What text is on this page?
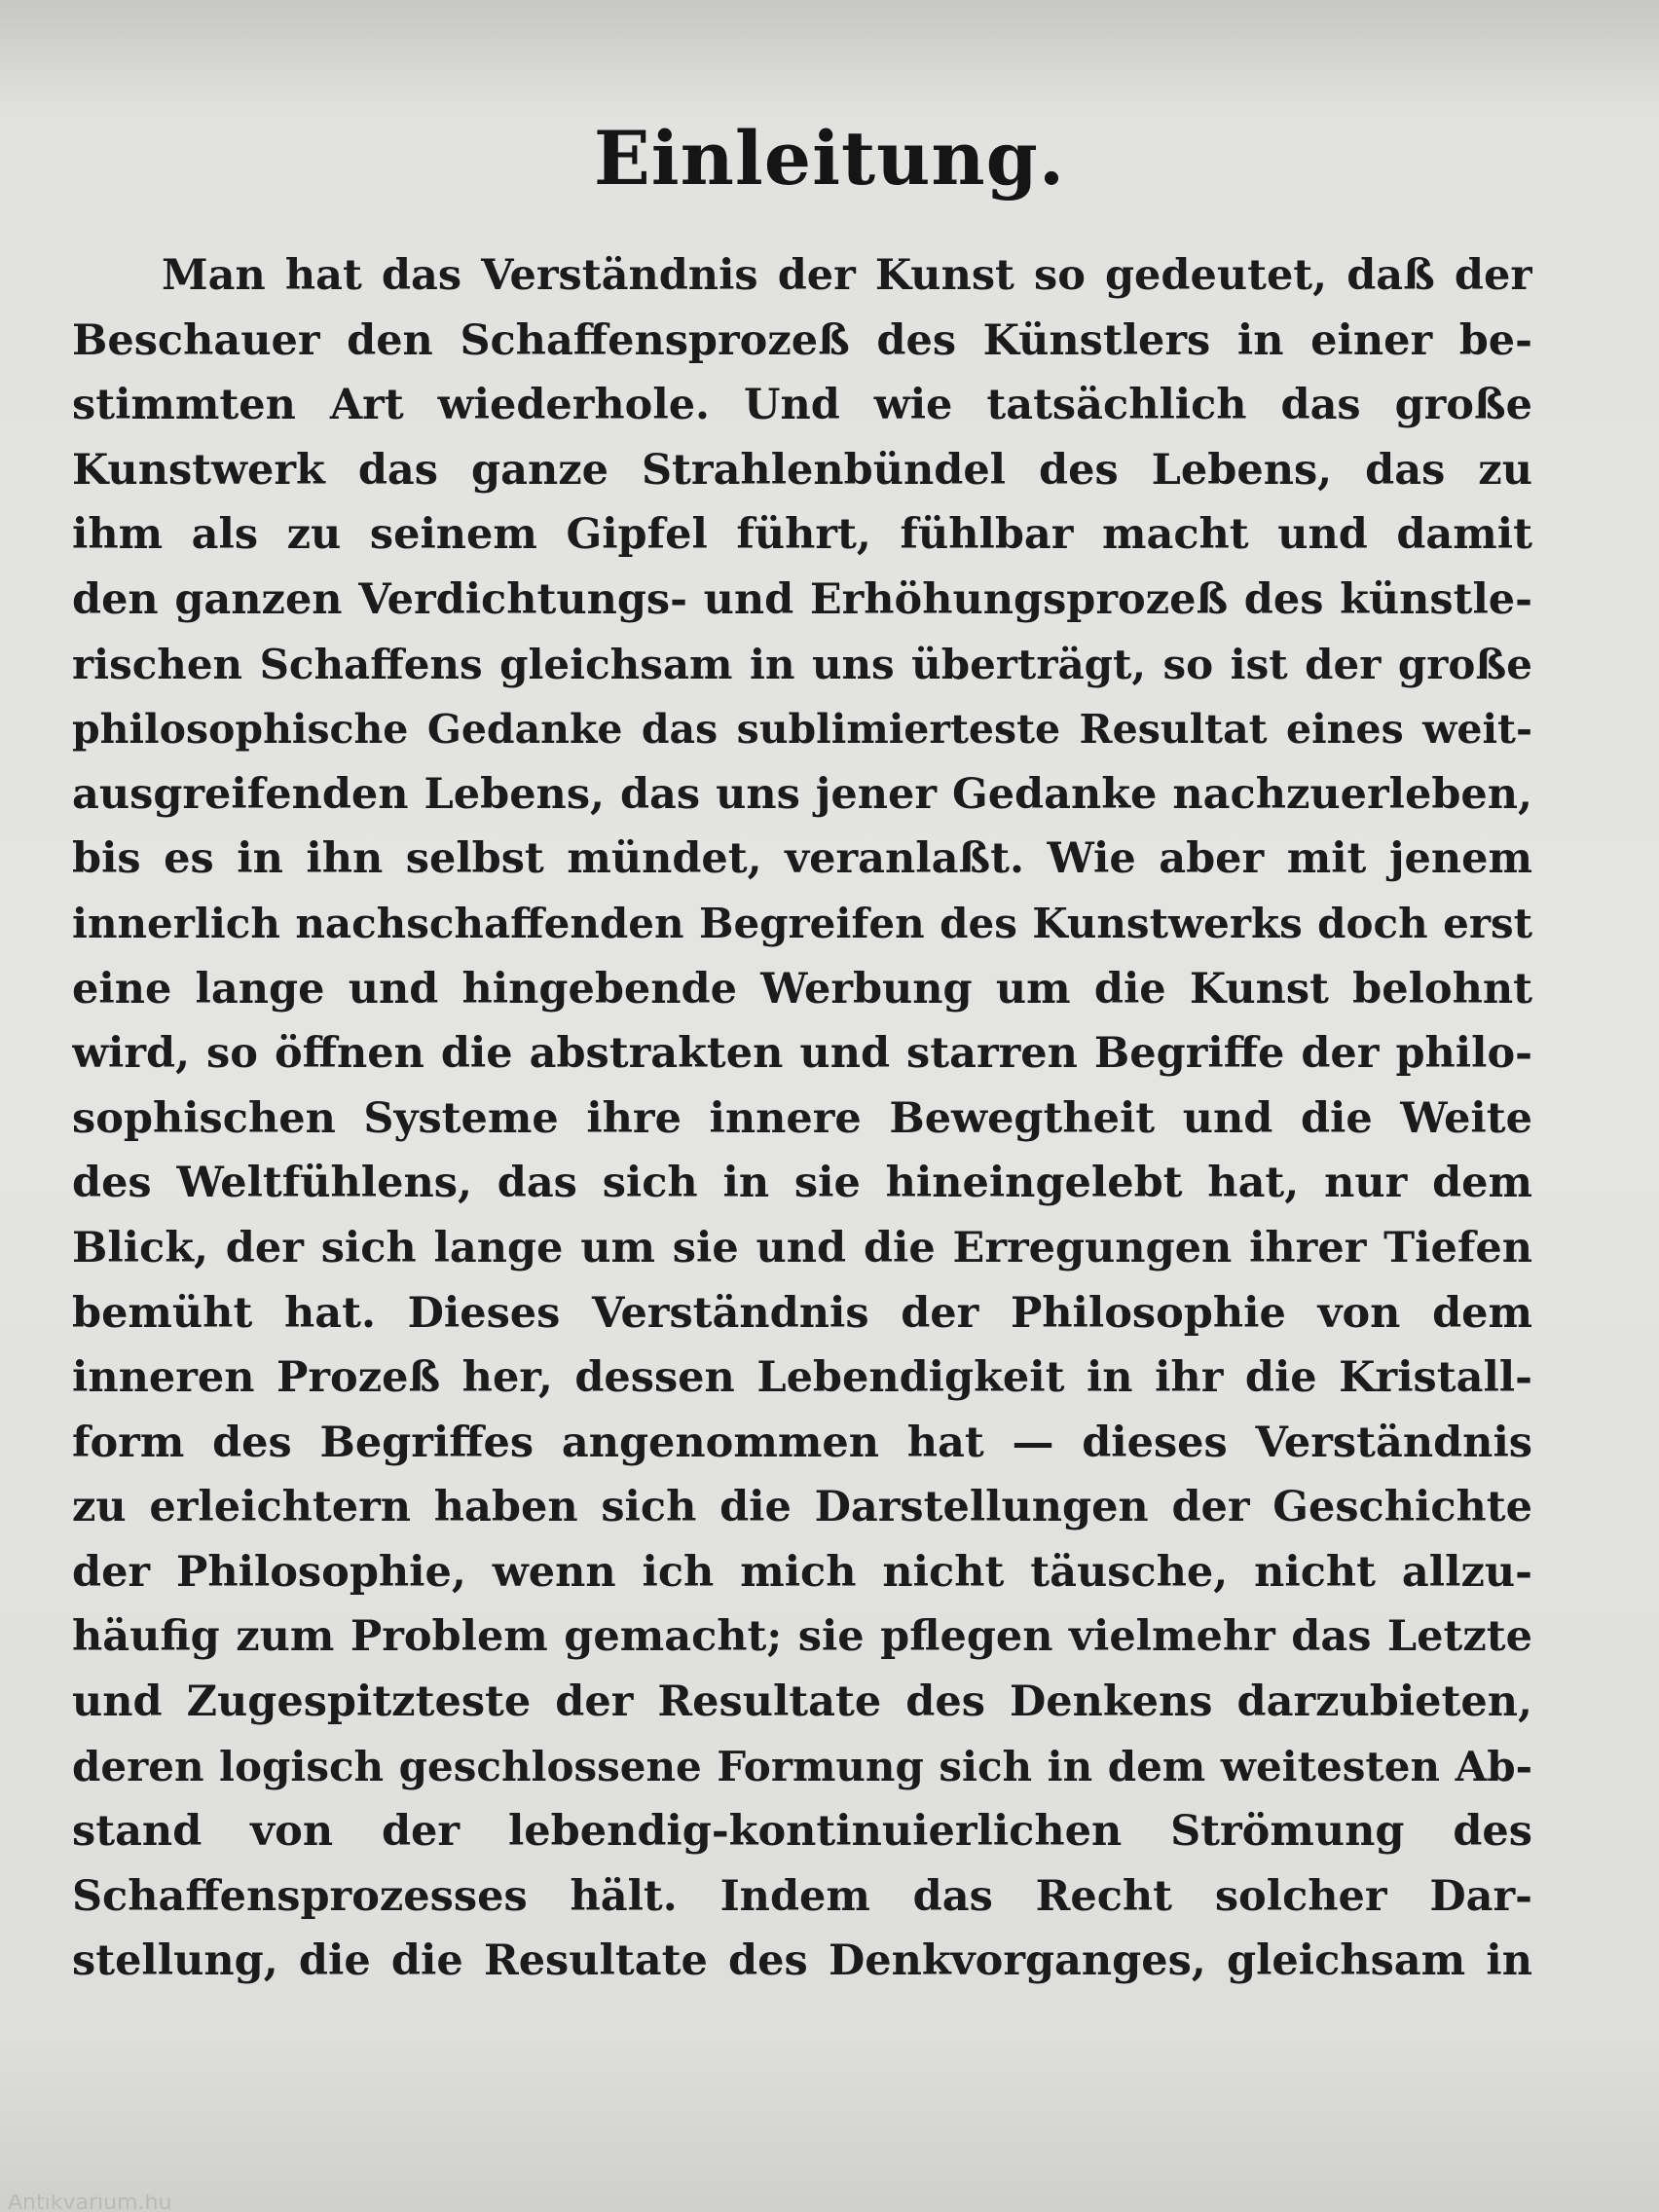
Einleitung.
Man hat das Verständnis der Kunst so gedeutet, daß der
Beschauer den Schaffensprozeß des Künstlers in einer be-
stimmten Art wiederhole. Und wie tatsächlich das große
Kunstwerk das ganze Strahlenbündel des Lebens, das zu
ihm als zu seinem Gipfel führt, fühlbar macht und damit
den ganzen Verdichtungs- und Erhöhungsprozeß des künstle-
rischen Schaffens gleichsam in uns überträgt, so ist der große
philosophische Gedanke das sublimierteste Resultat eines weit-
ausgreifenden Lebens, das uns jener Gedanke nachzuerleben,
bis es in ihn selbst mündet, veranlaßt. Wie aber mit jenem
innerlich nachschaffenden Begreifen des Kunstwerks doch erst
eine lange und hingebende Werbung um die Kunst belohnt
wird, so öffnen die abstrakten und starren Begriffe der philo-
sophischen Systeme ihre innere Bewegtheit und die Weite
des Weltfühlens, das sich in sie hineingelebt hat, nur dem
Blick, der sich lange um sie und die Erregungen ihrer Tiefen
bemüht hat. Dieses Verständnis der Philosophie von dem
inneren Prozeß her, dessen Lebendigkeit in ihr die Kristall-
form des Begriffes angenommen hat — dieses Verständnis
zu erleichtern haben sich die Darstellungen der Geschichte
der Philosophie, wenn ich mich nicht täusche, nicht allzu-
häufig zum Problem gemacht; sie pflegen vielmehr das Letzte
und Zugespitzteste der Resultate des Denkens darzubieten,
deren logisch geschlossene Formung sich in dem weitesten Ab-
stand von der lebendig-kontinuierlichen Strömung des
Schaffensprozesses hält. Indem das Recht solcher Dar-
stellung, die die Resultate des Denkvorganges, gleichsam in
Antikvarium.hu
